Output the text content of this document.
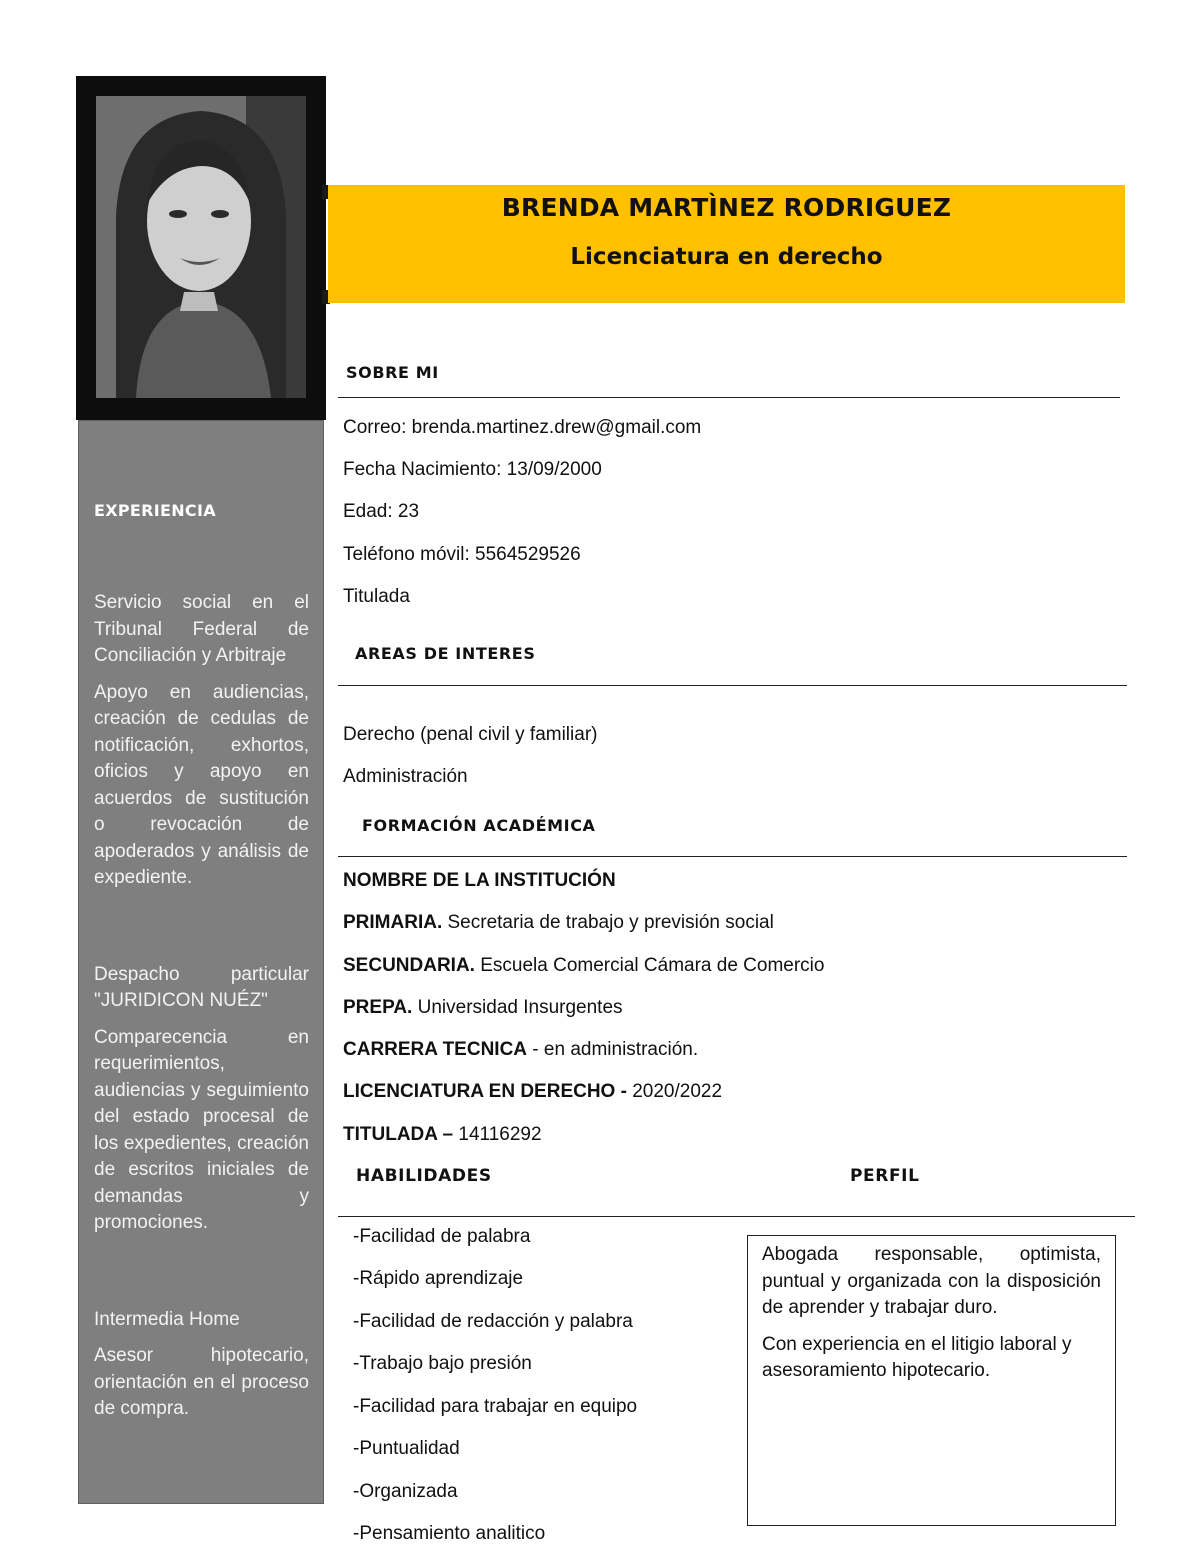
EXPERIENCIA

Servicio social en el Tribunal Federal de Conciliación y Arbitraje

Apoyo en audiencias, creación de cedulas de notificación, exhortos, oficios y apoyo en acuerdos de sustitución o revocación de apoderados y análisis de expediente.

Despacho particular "JURIDICON NUÉZ"

Comparecencia en requerimientos, audiencias y seguimiento del estado procesal de los expedientes, creación de escritos iniciales de demandas y promociones.

Intermedia Home

Asesor hipotecario, orientación en el proceso de compra.

BRENDA MARTÌNEZ RODRIGUEZ
Licenciatura en derecho
SOBRE MI
Correo: brenda.martinez.drew@gmail.com
Fecha Nacimiento: 13/09/2000
Edad: 23
Teléfono móvil: 5564529526
Titulada
AREAS DE INTERES
Derecho (penal civil y familiar)
Administración
FORMACIÓN ACADÉMICA
NOMBRE DE LA INSTITUCIÓN
PRIMARIA. Secretaria de trabajo y previsión social
SECUNDARIA. Escuela Comercial Cámara de Comercio
PREPA. Universidad Insurgentes
CARRERA TECNICA - en administración.
LICENCIATURA EN DERECHO - 2020/2022
TITULADA – 14116292
HABILIDADES	PERFIL
-Facilidad de palabra
-Rápido aprendizaje
-Facilidad de redacción y palabra
-Trabajo bajo presión
-Facilidad para trabajar en equipo
-Puntualidad
-Organizada
-Pensamiento analitico

Abogada responsable, optimista, puntual y organizada con la disposición de aprender y trabajar duro.

Con experiencia en el litigio laboral y asesoramiento hipotecario.
